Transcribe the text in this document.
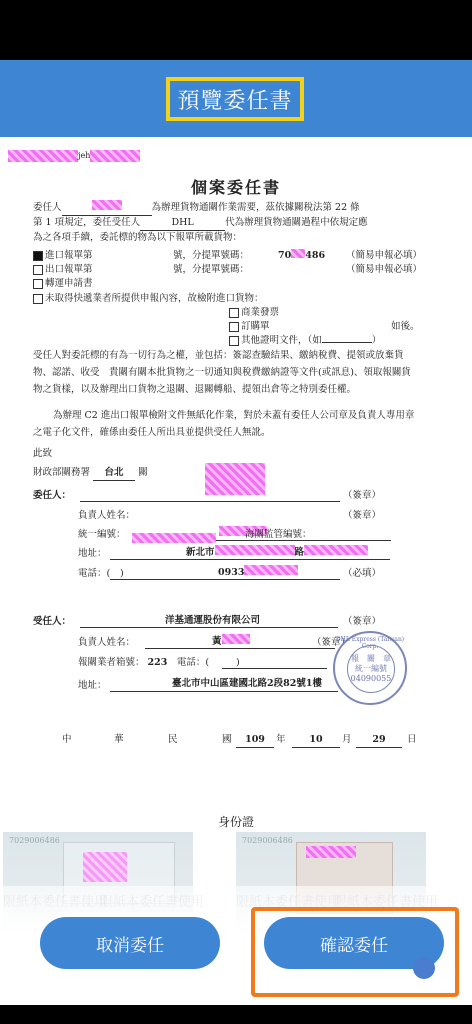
預覽委任書
jeh
個案委任書
委任人	為辦理貨物通關作業需要，茲依據關稅法第 22 條
第 1 項規定，委任受任人	DHL	代為辦理貨物通關過程中依規定應
為之各項手續，委託標的物為以下報單所載貨物：
進口報單第	號，分提單號碼：	70 486 （簡易申報必填）
出口報單第	號，分提單號碼：	（簡易申報必填）
轉運申請書
未取得快遞業者所提供申報內容，故檢附進口貨物：
商業發票
訂購單	如後。
其他證明文件，（如	）
受任人對委託標的有為一切行為之權，並包括：簽認查驗結果、繳納稅費、提領或放棄貨物、認諾、收受　貴關有關本批貨物之一切通知與稅費繳納證等文件(或訊息)、領取報關貨物之貨樣，以及辦理出口貨物之退關、退關轉船、提領出倉等之特別委任權。
為辦理 C2 進出口報單檢附文件無紙化作業，對於未蓋有委任人公司章及負責人專用章之電子化文件，確係由委任人所出具並提供受任人無訛。
此致
財政部關務署 台北 關
委任人：	（簽章）
負責人姓名：	（簽章）
統一編號：	海關監管編號：
地址：	新北市	路
電話：( )	0933	（必填）
受任人：	洋基通運股份有限公司	（簽章）
負責人姓名：	黃	（簽章）
報關業者箱號： 223　 電話：(	)
地址：	臺北市中山區建國北路2段82號1樓
DHL Express (Taiwan) Corp.
報　關　章
統一編號
04090055
中	華	民	國	109	年	10	月	29	日
身份證
7029006486	7029006486
取消委任	確認委任
